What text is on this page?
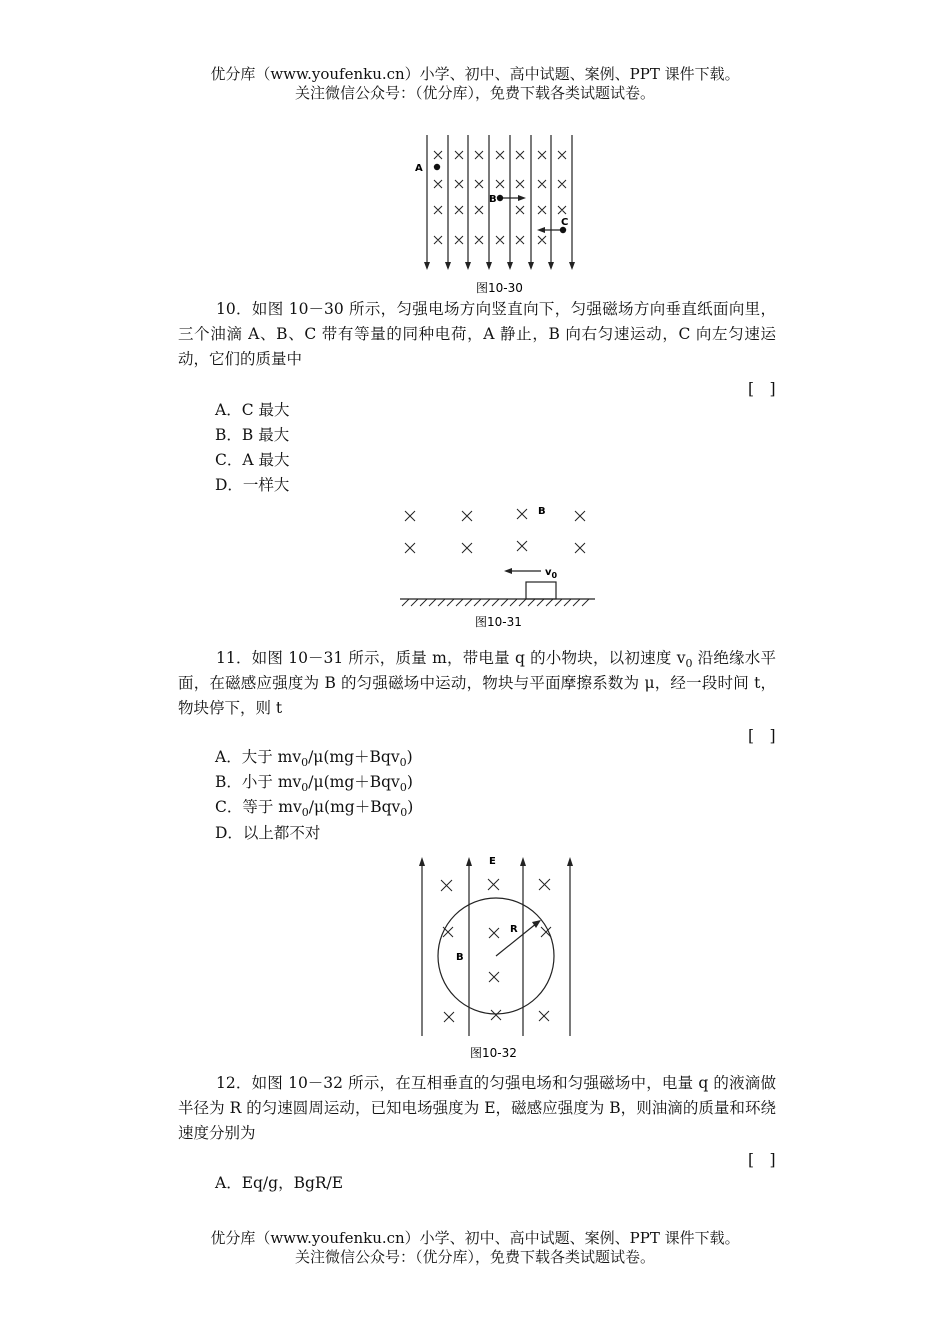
优分库（www.youfenku.cn）小学、初中、高中试题、案例、PPT 课件下载。
关注微信公众号：（优分库），免费下载各类试题试卷。
A
B
C
图10-30
10．如图 10－30 所示，匀强电场方向竖直向下，匀强磁场方向垂直纸面向里，三个油滴 A、B、C 带有等量的同种电荷，A 静止，B 向右匀速运动，C 向左匀速运动，它们的质量中
[　]
A．C 最大
B．B 最大
C．A 最大
D．一样大
B
$v_0$
图10-31
11．如图 10－31 所示，质量 m，带电量 q 的小物块，以初速度 $v_0$ 沿绝缘水平面，在磁感应强度为 B 的匀强磁场中运动，物块与平面摩擦系数为 μ，经一段时间 t，物块停下，则 t
[　]
A．大于 $mv_0/\mu(mg+Bqv_0)$
B．小于 $mv_0/\mu(mg+Bqv_0)$
C．等于 $mv_0/\mu(mg+Bqv_0)$
D．以上都不对
E
R
B
图10-32
12．如图 10－32 所示，在互相垂直的匀强电场和匀强磁场中，电量 q 的液滴做半径为 R 的匀速圆周运动，已知电场强度为 E，磁感应强度为 B，则油滴的质量和环绕速度分别为
[　]
A．Eq/g，BgR/E
优分库（www.youfenku.cn）小学、初中、高中试题、案例、PPT 课件下载。
关注微信公众号：（优分库），免费下载各类试题试卷。
